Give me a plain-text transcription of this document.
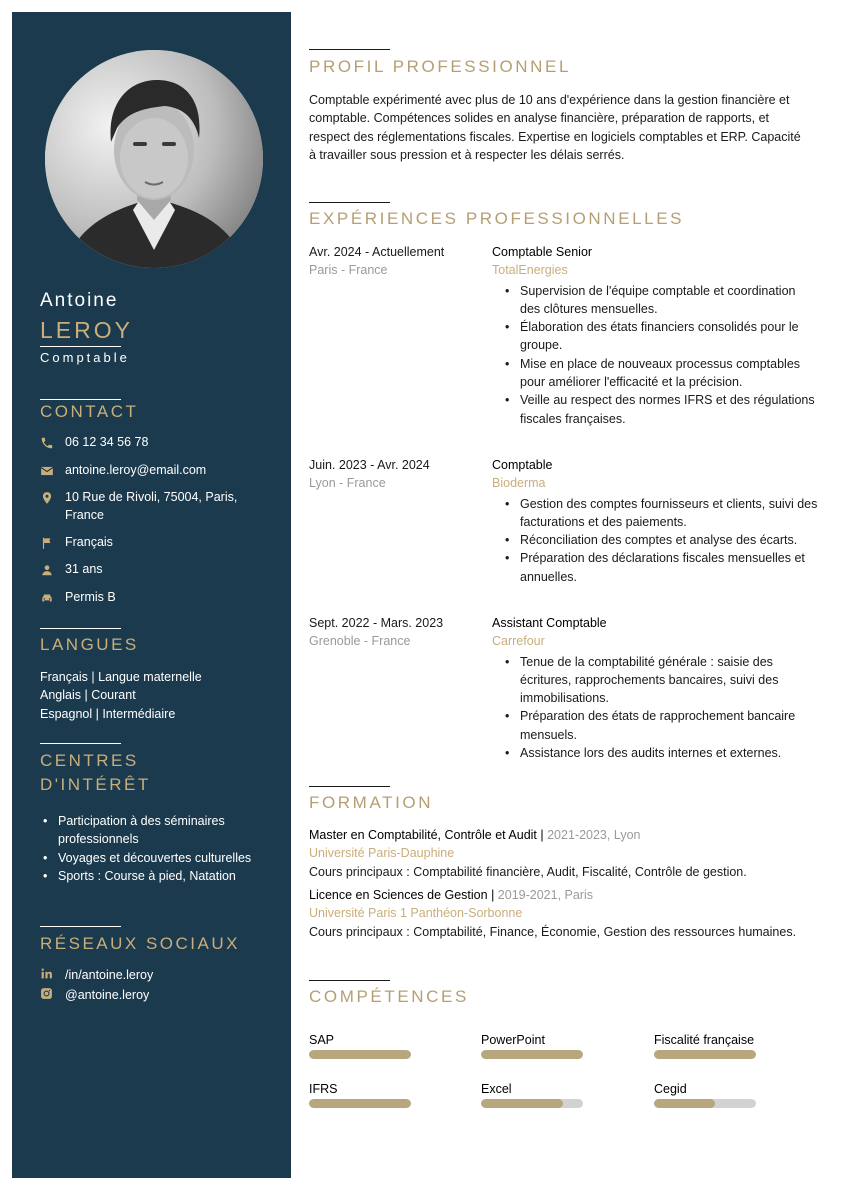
Antoine
LEROY
Comptable
CONTACT
06 12 34 56 78
antoine.leroy@email.com
10 Rue de Rivoli, 75004, Paris, France
Français
31 ans
Permis B
LANGUES
Français | Langue maternelle
Anglais | Courant
Espagnol | Intermédiaire
CENTRES
D'INTÉRÊT
• Participation à des séminaires professionnels
• Voyages et découvertes culturelles
• Sports : Course à pied, Natation
RÉSEAUX SOCIAUX
/in/antoine.leroy
@antoine.leroy
PROFIL PROFESSIONNEL
Comptable expérimenté avec plus de 10 ans d'expérience dans la gestion financière et comptable. Compétences solides en analyse financière, préparation de rapports, et respect des réglementations fiscales. Expertise en logiciels comptables et ERP. Capacité à travailler sous pression et à respecter les délais serrés.
EXPÉRIENCES PROFESSIONNELLES
Avr. 2024 - Actuellement
Paris - France
Comptable Senior
TotalEnergies
• Supervision de l'équipe comptable et coordination des clôtures mensuelles.
• Élaboration des états financiers consolidés pour le groupe.
• Mise en place de nouveaux processus comptables pour améliorer l'efficacité et la précision.
• Veille au respect des normes IFRS et des régulations fiscales françaises.
Juin. 2023 - Avr. 2024
Lyon - France
Comptable
Bioderma
• Gestion des comptes fournisseurs et clients, suivi des facturations et des paiements.
• Réconciliation des comptes et analyse des écarts.
• Préparation des déclarations fiscales mensuelles et annuelles.
Sept. 2022 - Mars. 2023
Grenoble - France
Assistant Comptable
Carrefour
• Tenue de la comptabilité générale : saisie des écritures, rapprochements bancaires, suivi des immobilisations.
• Préparation des états de rapprochement bancaire mensuels.
• Assistance lors des audits internes et externes.
FORMATION
Master en Comptabilité, Contrôle et Audit | 2021-2023, Lyon
Université Paris-Dauphine
Cours principaux : Comptabilité financière, Audit, Fiscalité, Contrôle de gestion.
Licence en Sciences de Gestion | 2019-2021, Paris
Université Paris 1 Panthéon-Sorbonne
Cours principaux : Comptabilité, Finance, Économie, Gestion des ressources humaines.
COMPÉTENCES
SAP	PowerPoint	Fiscalité française
IFRS	Excel	Cegid
